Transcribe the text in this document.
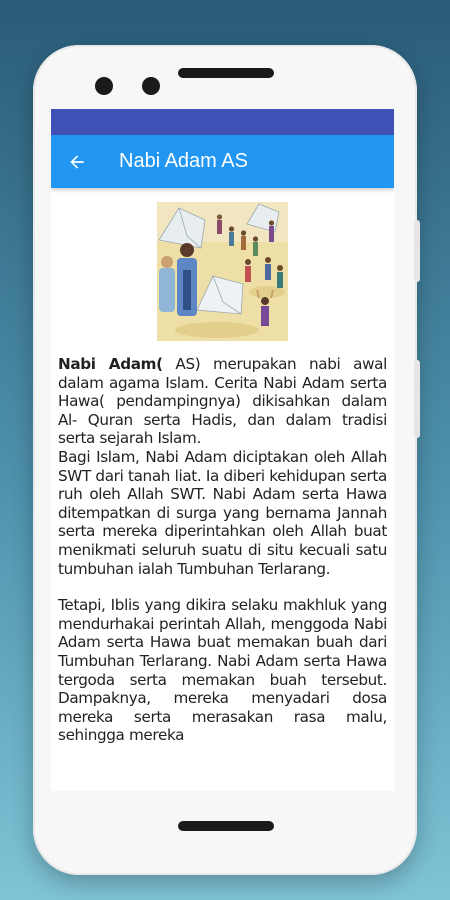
Nabi Adam AS

Nabi Adam( AS) merupakan nabi awal dalam agama Islam. Cerita Nabi Adam serta Hawa( pendampingnya) dikisahkan dalam Al- Quran serta Hadis, dan dalam tradisi serta sejarah Islam.

Bagi Islam, Nabi Adam diciptakan oleh Allah SWT dari tanah liat. Ia diberi kehidupan serta ruh oleh Allah SWT. Nabi Adam serta Hawa ditempatkan di surga yang bernama Jannah serta mereka diperintahkan oleh Allah buat menikmati seluruh suatu di situ kecuali satu tumbuhan ialah Tumbuhan Terlarang.

Tetapi, Iblis yang dikira selaku makhluk yang mendurhakai perintah Allah, menggoda Nabi Adam serta Hawa buat memakan buah dari Tumbuhan Terlarang. Nabi Adam serta Hawa tergoda serta memakan buah tersebut. Dampaknya, mereka menyadari dosa mereka serta merasakan rasa malu, sehingga mereka
